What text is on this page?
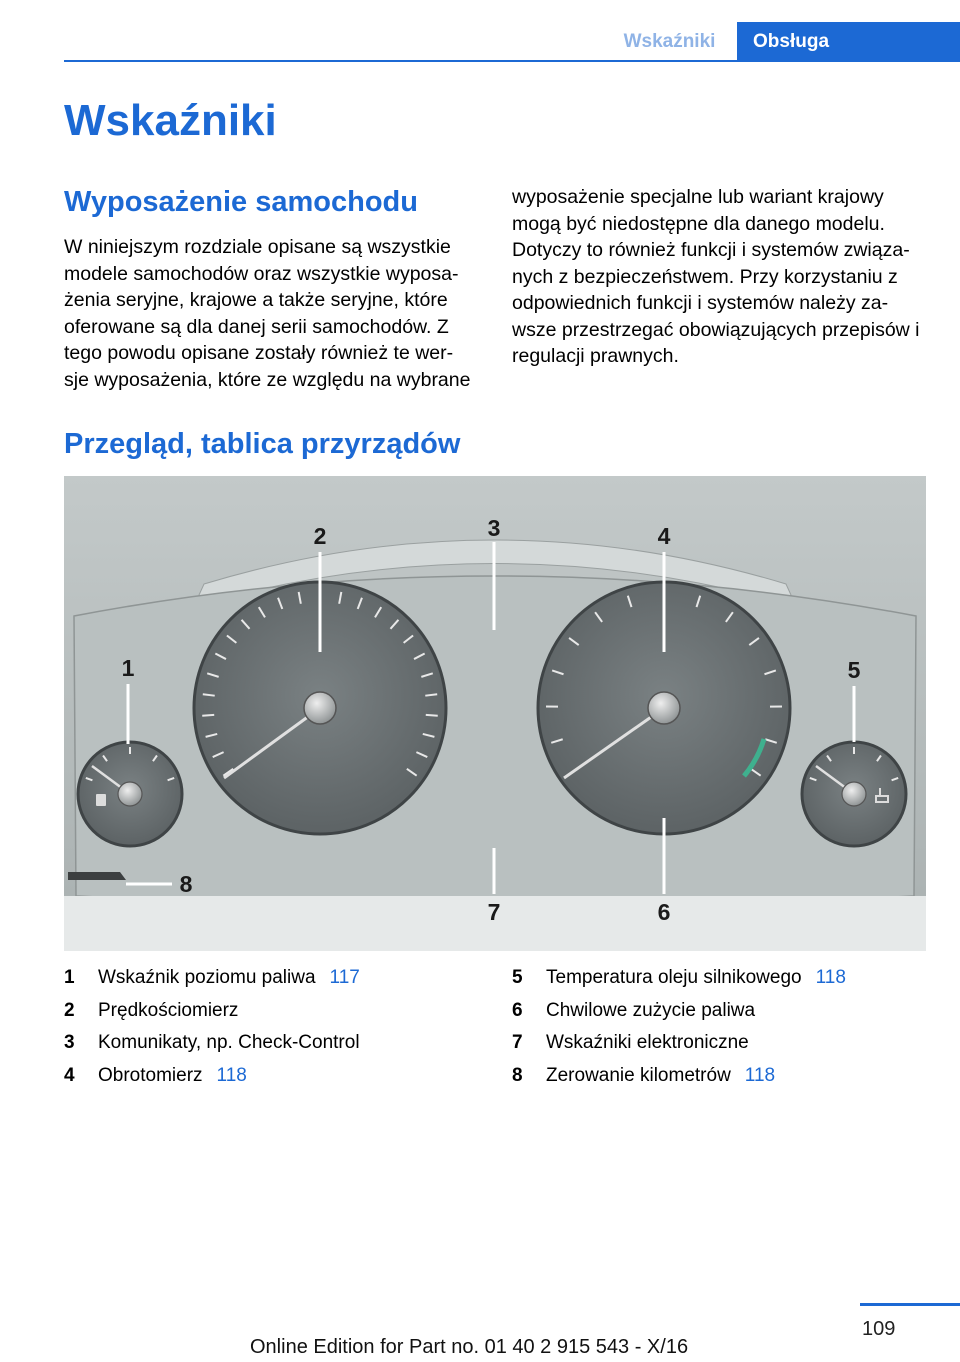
Wskaźniki	Obsługa
Wskaźniki
Wyposażenie samochodu
W niniejszym rozdziale opisane są wszystkie
modele samochodów oraz wszystkie wyposa‐
żenia seryjne, krajowe a także seryjne, które
oferowane są dla danej serii samochodów. Z
tego powodu opisane zostały również te wer‐
sje wyposażenia, które ze względu na wybrane
wyposażenie specjalne lub wariant krajowy
mogą być niedostępne dla danego modelu.
Dotyczy to również funkcji i systemów związa‐
nych z bezpieczeństwem. Przy korzystaniu z
odpowiednich funkcji i systemów należy za‐
wsze przestrzegać obowiązujących przepisów i
regulacji prawnych.
Przegląd, tablica przyrządów
1
2	3	4
5
6
7
8
1 Wskaźnik poziomu paliwa 117
2 Prędkościomierz
3 Komunikaty, np. Check-Control
4 Obrotomierz 118
5 Temperatura oleju silnikowego 118
6 Chwilowe zużycie paliwa
7 Wskaźniki elektroniczne
8 Zerowanie kilometrów 118
109
Online Edition for Part no. 01 40 2 915 543 - X/16
